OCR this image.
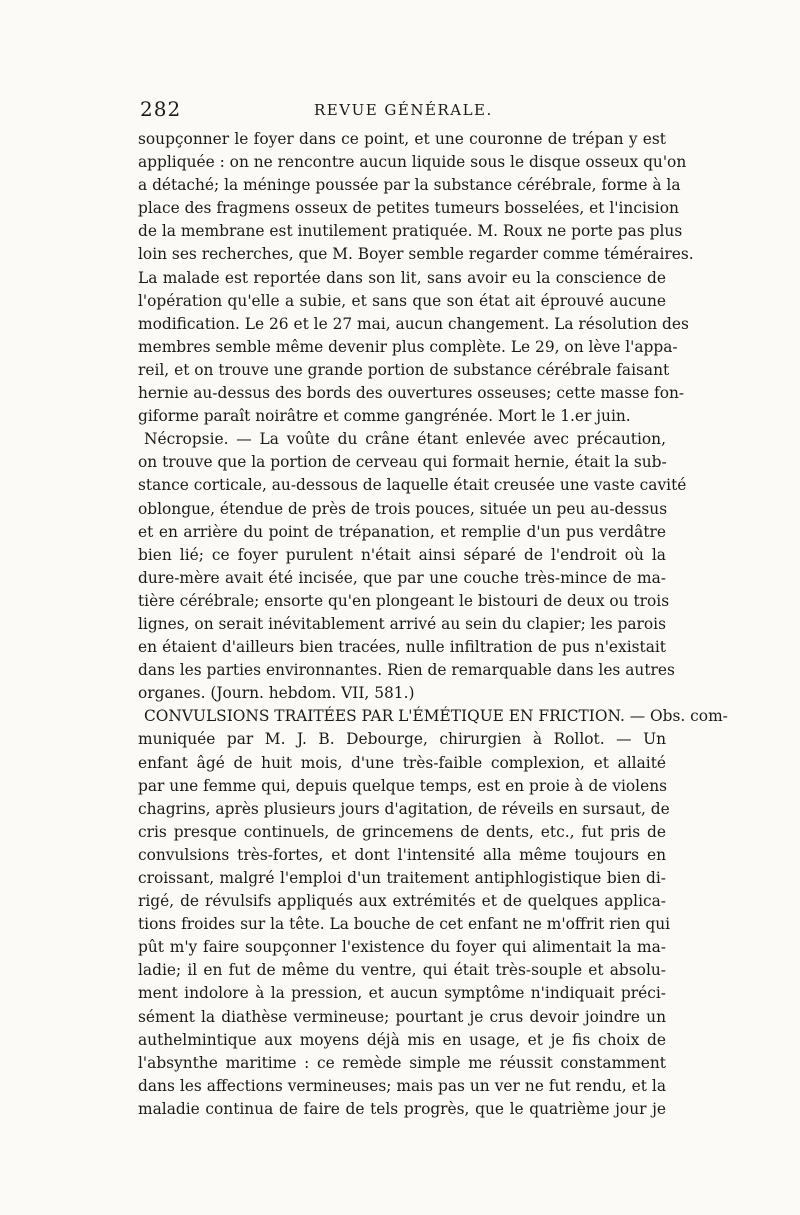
282	REVUE GÉNÉRALE.
soupçonner le foyer dans ce point, et une couronne de trépan y est
appliquée : on ne rencontre aucun liquide sous le disque osseux qu'on
a détaché; la méninge poussée par la substance cérébrale, forme à la
place des fragmens osseux de petites tumeurs bosselées, et l'incision
de la membrane est inutilement pratiquée. M. Roux ne porte pas plus
loin ses recherches, que M. Boyer semble regarder comme téméraires.
La malade est reportée dans son lit, sans avoir eu la conscience de
l'opération qu'elle a subie, et sans que son état ait éprouvé aucune
modification. Le 26 et le 27 mai, aucun changement. La résolution des
membres semble même devenir plus complète. Le 29, on lève l'appa-
reil, et on trouve une grande portion de substance cérébrale faisant
hernie au-dessus des bords des ouvertures osseuses; cette masse fon-
giforme paraît noirâtre et comme gangrénée. Mort le 1.er juin.
Nécropsie. — La voûte du crâne étant enlevée avec précaution,
on trouve que la portion de cerveau qui formait hernie, était la sub-
stance corticale, au-dessous de laquelle était creusée une vaste cavité
oblongue, étendue de près de trois pouces, située un peu au-dessus
et en arrière du point de trépanation, et remplie d'un pus verdâtre
bien lié; ce foyer purulent n'était ainsi séparé de l'endroit où la
dure-mère avait été incisée, que par une couche très-mince de ma-
tière cérébrale; ensorte qu'en plongeant le bistouri de deux ou trois
lignes, on serait inévitablement arrivé au sein du clapier; les parois
en étaient d'ailleurs bien tracées, nulle infiltration de pus n'existait
dans les parties environnantes. Rien de remarquable dans les autres
organes. (Journ. hebdom. VII, 581.)
CONVULSIONS TRAITÉES PAR L'ÉMÉTIQUE EN FRICTION. — Obs. com-
muniquée par M. J. B. Debourge, chirurgien à Rollot. — Un
enfant âgé de huit mois, d'une très-faible complexion, et allaité
par une femme qui, depuis quelque temps, est en proie à de violens
chagrins, après plusieurs jours d'agitation, de réveils en sursaut, de
cris presque continuels, de grincemens de dents, etc., fut pris de
convulsions très-fortes, et dont l'intensité alla même toujours en
croissant, malgré l'emploi d'un traitement antiphlogistique bien di-
rigé, de révulsifs appliqués aux extrémités et de quelques applica-
tions froides sur la tête. La bouche de cet enfant ne m'offrit rien qui
pût m'y faire soupçonner l'existence du foyer qui alimentait la ma-
ladie; il en fut de même du ventre, qui était très-souple et absolu-
ment indolore à la pression, et aucun symptôme n'indiquait préci-
sément la diathèse vermineuse; pourtant je crus devoir joindre un
authelmintique aux moyens déjà mis en usage, et je fis choix de
l'absynthe maritime : ce remède simple me réussit constamment
dans les affections vermineuses; mais pas un ver ne fut rendu, et la
maladie continua de faire de tels progrès, que le quatrième jour je
